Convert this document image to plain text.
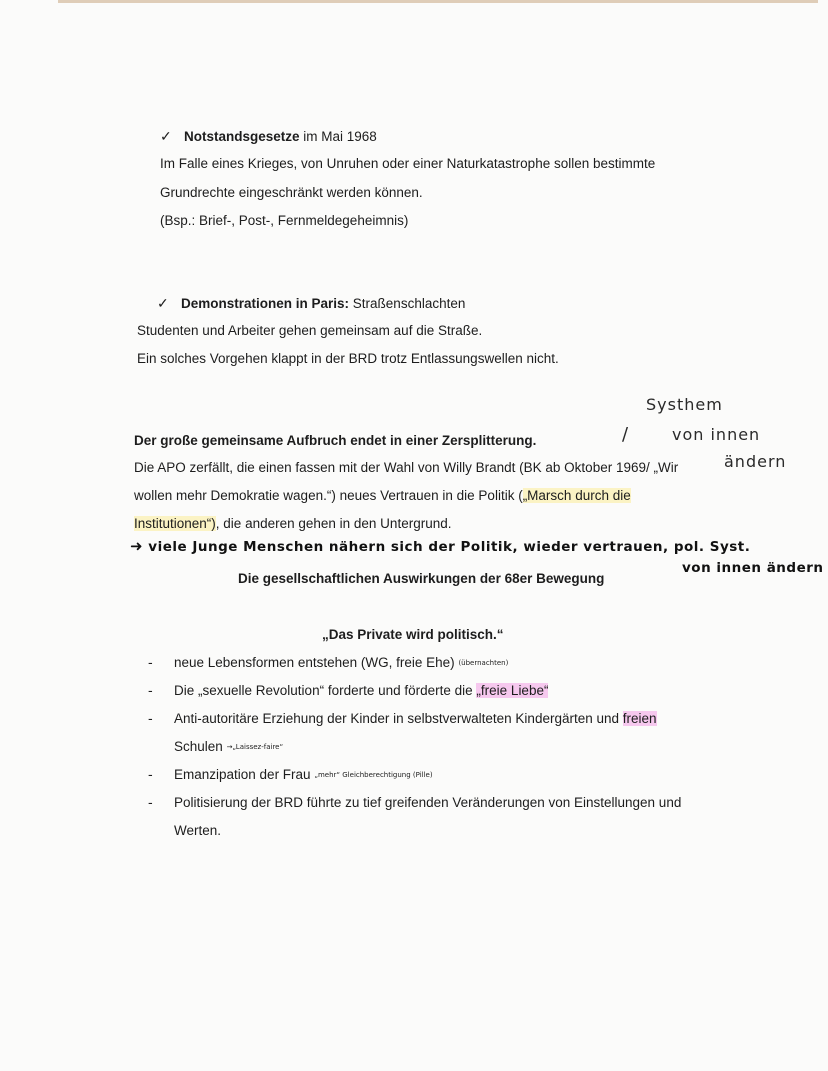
✓ Notstandsgesetze im Mai 1968
Im Falle eines Krieges, von Unruhen oder einer Naturkatastrophe sollen bestimmte
Grundrechte eingeschränkt werden können.
(Bsp.: Brief-, Post-, Fernmeldegeheimnis)
✓ Demonstrationen in Paris: Straßenschlachten
Studenten und Arbeiter gehen gemeinsam auf die Straße.
Ein solches Vorgehen klappt in der BRD trotz Entlassungswellen nicht.
Systhem
/	von innen
ändern
Der große gemeinsame Aufbruch endet in einer Zersplitterung.
Die APO zerfällt, die einen fassen mit der Wahl von Willy Brandt (BK ab Oktober 1969/ „Wir
wollen mehr Demokratie wagen.“) neues Vertrauen in die Politik („Marsch durch die
Institutionen“), die anderen gehen in den Untergrund.
➜ viele Junge Menschen nähern sich der Politik, wieder vertrauen, pol. Syst.
von innen ändern
Die gesellschaftlichen Auswirkungen der 68er Bewegung
„Das Private wird politisch.“
- neue Lebensformen entstehen (WG, freie Ehe) (übernachten)
- Die „sexuelle Revolution“ forderte und förderte die „freie Liebe“
- Anti-autoritäre Erziehung der Kinder in selbstverwalteten Kindergärten und freien
Schulen →„Laissez-faire“
- Emanzipation der Frau „mehr“ Gleichberechtigung (Pille)
- Politisierung der BRD führte zu tief greifenden Veränderungen von Einstellungen und
Werten.
